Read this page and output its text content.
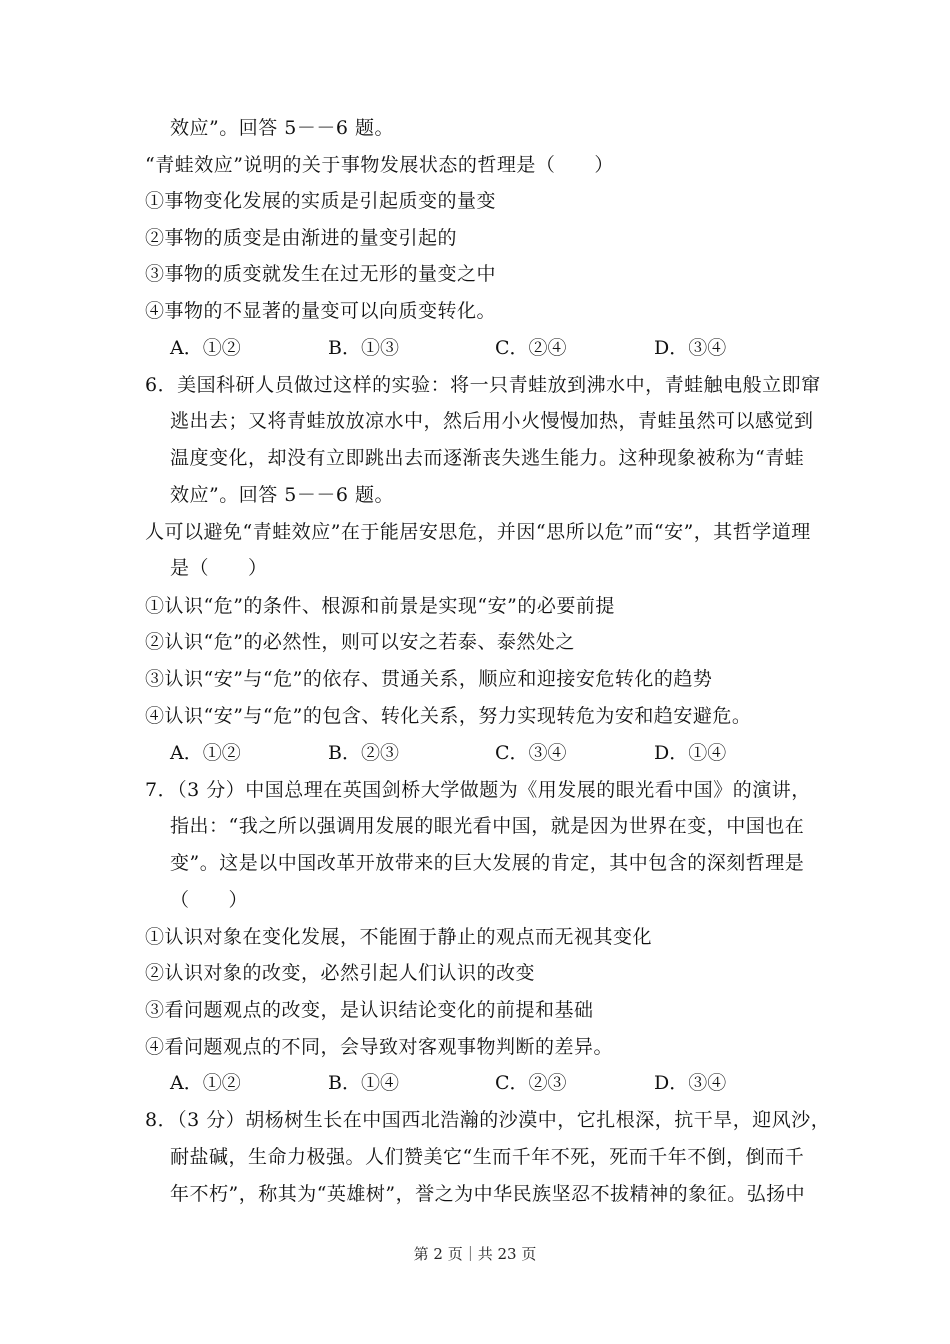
效应”。回答 5－－6 题。
“青蛙效应”说明的关于事物发展状态的哲理是（　　）
①事物变化发展的实质是引起质变的量变
②事物的质变是由渐进的量变引起的
③事物的质变就发生在过无形的量变之中
④事物的不显著的量变可以向质变转化。
A．①②	B．①③	C．②④	D．③④
6．美国科研人员做过这样的实验：将一只青蛙放到沸水中，青蛙触电般立即窜
逃出去；又将青蛙放放凉水中，然后用小火慢慢加热，青蛙虽然可以感觉到
温度变化，却没有立即跳出去而逐渐丧失逃生能力。这种现象被称为“青蛙
效应”。回答 5－－6 题。
人可以避免“青蛙效应”在于能居安思危，并因“思所以危”而“安”，其哲学道理
是（　　）
①认识“危”的条件、根源和前景是实现“安”的必要前提
②认识“危”的必然性，则可以安之若泰、泰然处之
③认识“安”与“危”的依存、贯通关系，顺应和迎接安危转化的趋势
④认识“安”与“危”的包含、转化关系，努力实现转危为安和趋安避危。
A．①②	B．②③	C．③④	D．①④
7．（3 分）中国总理在英国剑桥大学做题为《用发展的眼光看中国》的演讲，
指出：“我之所以强调用发展的眼光看中国，就是因为世界在变，中国也在
变”。这是以中国改革开放带来的巨大发展的肯定，其中包含的深刻哲理是
（　　）
①认识对象在变化发展，不能囿于静止的观点而无视其变化
②认识对象的改变，必然引起人们认识的改变
③看问题观点的改变，是认识结论变化的前提和基础
④看问题观点的不同，会导致对客观事物判断的差异。
A．①②	B．①④	C．②③	D．③④
8．（3 分）胡杨树生长在中国西北浩瀚的沙漠中，它扎根深，抗干旱，迎风沙，
耐盐碱，生命力极强。人们赞美它“生而千年不死，死而千年不倒，倒而千
年不朽”，称其为“英雄树”，誉之为中华民族坚忍不拔精神的象征。弘扬中
第 2 页｜共 23 页
